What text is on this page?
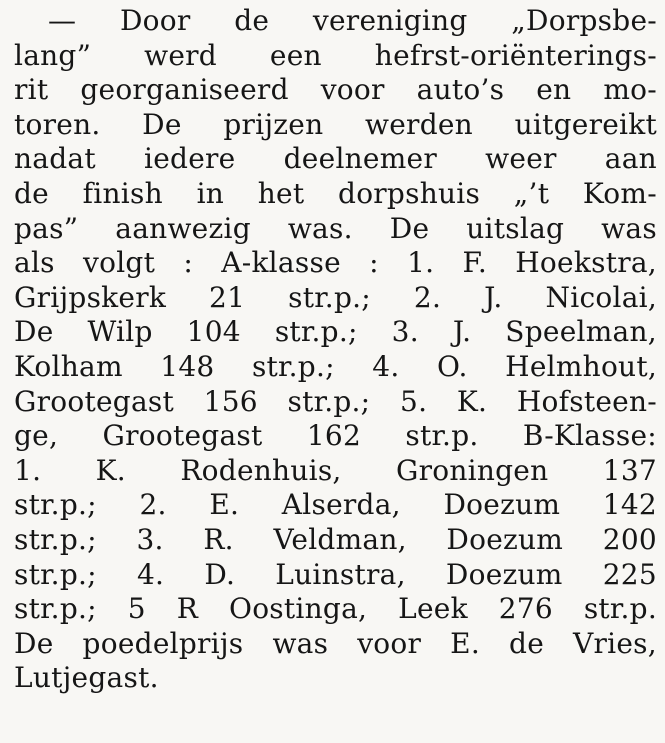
— Door de vereniging „Dorpsbe-
lang” werd een hefrst-oriënterings-
rit georganiseerd voor auto’s en mo-
toren. De prijzen werden uitgereikt
nadat iedere deelnemer weer aan
de finish in het dorpshuis „’t Kom-
pas” aanwezig was. De uitslag was
als volgt : A-klasse : 1. F. Hoekstra,
Grijpskerk 21 str.p.; 2. J. Nicolai,
De Wilp 104 str.p.; 3. J. Speelman,
Kolham 148 str.p.; 4. O. Helmhout,
Grootegast 156 str.p.; 5. K. Hofsteen-
ge, Grootegast 162 str.p. B-Klasse:
1. K. Rodenhuis, Groningen 137
str.p.; 2. E. Alserda, Doezum 142
str.p.; 3. R. Veldman, Doezum 200
str.p.; 4. D. Luinstra, Doezum 225
str.p.; 5 R Oostinga, Leek 276 str.p.
De poedelprijs was voor E. de Vries,
Lutjegast.
